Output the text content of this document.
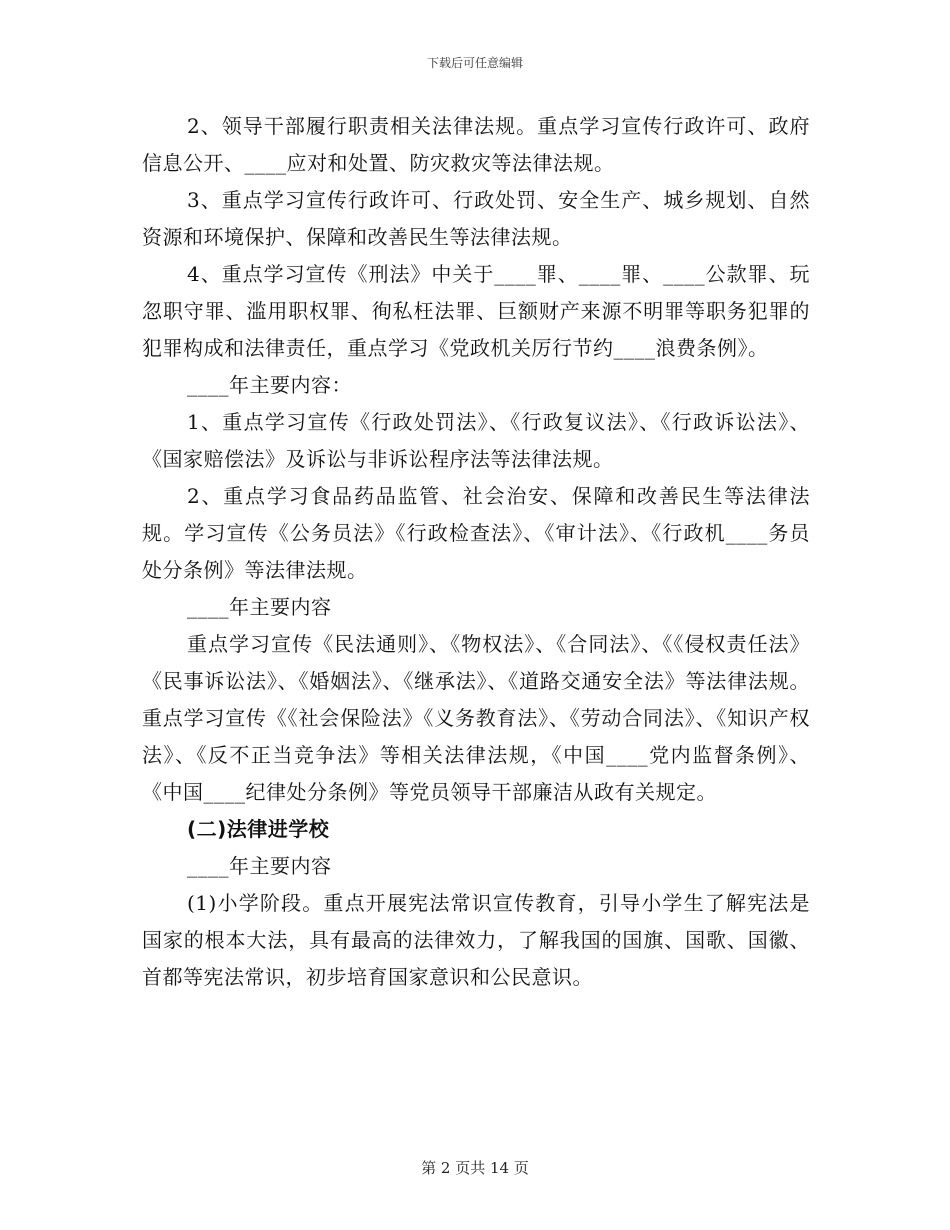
下载后可任意编辑

2、领导干部履行职责相关法律法规。重点学习宣传行政许可、政府信息公开、____应对和处置、防灾救灾等法律法规。

3、重点学习宣传行政许可、行政处罚、安全生产、城乡规划、自然资源和环境保护、保障和改善民生等法律法规。

4、重点学习宣传《刑法》中关于____罪、____罪、____公款罪、玩忽职守罪、滥用职权罪、徇私枉法罪、巨额财产来源不明罪等职务犯罪的犯罪构成和法律责任，重点学习《党政机关厉行节约____浪费条例》。

____年主要内容：

1、重点学习宣传《行政处罚法》、《行政复议法》、《行政诉讼法》、《国家赔偿法》及诉讼与非诉讼程序法等法律法规。

2、重点学习食品药品监管、社会治安、保障和改善民生等法律法规。学习宣传《公务员法》《行政检查法》、《审计法》、《行政机____务员处分条例》等法律法规。

____年主要内容

重点学习宣传《民法通则》、《物权法》、《合同法》、《《侵权责任法》《民事诉讼法》、《婚姻法》、《继承法》、《道路交通安全法》等法律法规。重点学习宣传《《社会保险法》《义务教育法》、《劳动合同法》、《知识产权法》、《反不正当竞争法》等相关法律法规，《中国____党内监督条例》、《中国____纪律处分条例》等党员领导干部廉洁从政有关规定。

(二)法律进学校

____年主要内容

(1)小学阶段。重点开展宪法常识宣传教育，引导小学生了解宪法是国家的根本大法，具有最高的法律效力，了解我国的国旗、国歌、国徽、首都等宪法常识，初步培育国家意识和公民意识。

第 2 页共 14 页
